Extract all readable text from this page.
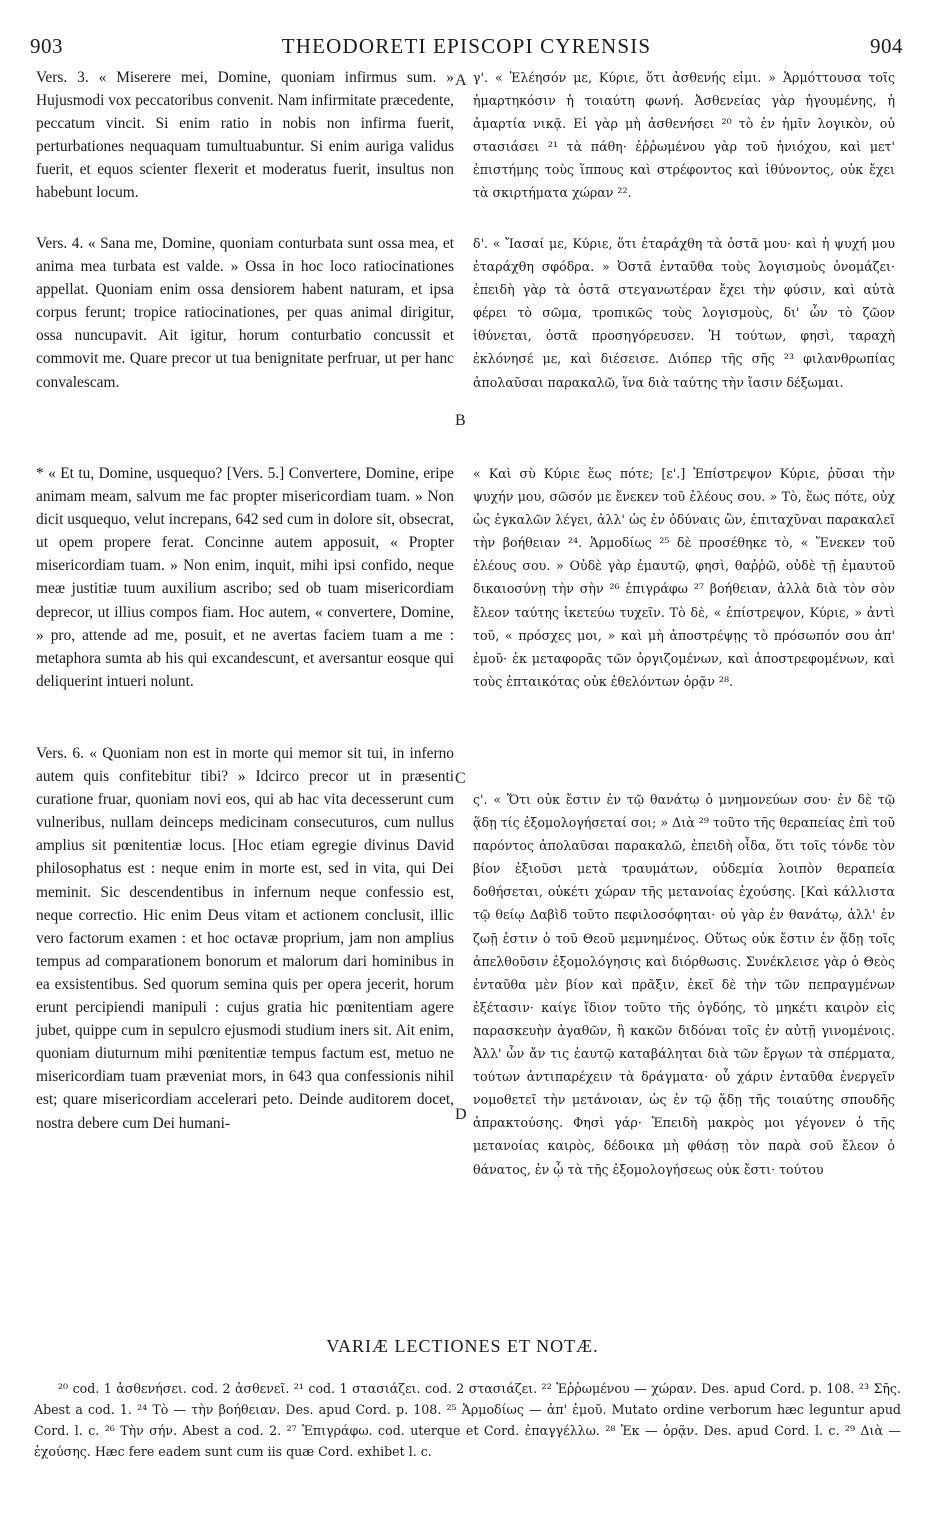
903	THEODORETI EPISCOPI CYRENSIS	904

Vers. 3. « Miserere mei, Domine, quoniam infirmus sum. » Hujusmodi vox peccatoribus convenit. Nam infirmitate præcedente, peccatum vincit. Si enim ratio in nobis non infirma fuerit, perturbationes nequaquam tumultuabuntur. Si enim auriga validus fuerit, et equos scienter flexerit et moderatus fuerit, insultus non habebunt locum.

Vers. 4. « Sana me, Domine, quoniam conturbata sunt ossa mea, et anima mea turbata est valde. » Ossa in hoc loco ratiocinationes appellat. Quoniam enim ossa densiorem habent naturam, et ipsa corpus ferunt; tropice ratiocinationes, per quas animal dirigitur, ossa nuncupavit. Ait igitur, horum conturbatio concussit et commovit me. Quare precor ut tua benignitate perfruar, ut per hanc convalescam.

* « Et tu, Domine, usquequo? [Vers. 5.] Convertere, Domine, eripe animam meam, salvum me fac propter misericordiam tuam. » Non dicit usquequo, velut increpans, 642 sed cum in dolore sit, obsecrat, ut opem propere ferat. Concinne autem apposuit, « Propter misericordiam tuam. » Non enim, inquit, mihi ipsi confido, neque meæ justitiæ tuum auxilium ascribo; sed ob tuam misericordiam deprecor, ut illius compos fiam. Hoc autem, « convertere, Domine, » pro, attende ad me, posuit, et ne avertas faciem tuam a me : metaphora sumta ab his qui excandescunt, et aversantur eosque qui deliquerint intueri nolunt.

Vers. 6. « Quoniam non est in morte qui memor sit tui, in inferno autem quis confitebitur tibi? » Idcirco precor ut in præsenti curatione fruar, quoniam novi eos, qui ab hac vita decesserunt cum vulneribus, nullam deinceps medicinam consecuturos, cum nullus amplius sit pœnitentiæ locus. [Hoc etiam egregie divinus David philosophatus est : neque enim in morte est, sed in vita, qui Dei meminit. Sic descendentibus in infernum neque confessio est, neque correctio. Hic enim Deus vitam et actionem conclusit, illic vero factorum examen : et hoc octavæ proprium, jam non amplius tempus ad comparationem bonorum et malorum dari hominibus in ea exsistentibus. Sed quorum semina quis per opera jecerit, horum erunt percipiendi manipuli : cujus gratia hic pœnitentiam agere jubet, quippe cum in sepulcro ejusmodi studium iners sit. Ait enim, quoniam diuturnum mihi pœnitentiæ tempus factum est, metuo ne misericordiam tuam præveniat mors, in 643 qua confessionis nihil est; quare misericordiam accelerari peto. Deinde auditorem docet, nostra debere cum Dei humani-

A
B
C
D

γ'. « Ἐλέησόν με, Κύριε, ὅτι ἀσθενής εἰμι. » Ἁρμόττουσα τοῖς ἡμαρτηκόσιν ἡ τοιαύτη φωνή. Ἀσθενείας γὰρ ἡγουμένης, ἡ ἁμαρτία νικᾷ. Εἰ γὰρ μὴ ἀσθενήσει ²⁰ τὸ ἐν ἡμῖν λογικὸν, οὐ στασιάσει ²¹ τὰ πάθη· ἐῤῥωμένου γὰρ τοῦ ἡνιόχου, καὶ μετ' ἐπιστήμης τοὺς ἵππους καὶ στρέφοντος καὶ ἰθύνοντος, οὐκ ἔχει τὰ σκιρτήματα χώραν ²².

δ'. « Ἴασαί με, Κύριε, ὅτι ἐταράχθη τὰ ὀστᾶ μου· καὶ ἡ ψυχή μου ἐταράχθη σφόδρα. » Ὀστᾶ ἐνταῦθα τοὺς λογισμοὺς ὀνομάζει· ἐπειδὴ γὰρ τὰ ὀστᾶ στεγανωτέραν ἔχει τὴν φύσιν, καὶ αὐτὰ φέρει τὸ σῶμα, τροπικῶς τοὺς λογισμοὺς, δι' ὧν τὸ ζῶον ἰθύνεται, ὀστᾶ προσηγόρευσεν. Ἡ τούτων, φησὶ, ταραχὴ ἐκλόνησέ με, καὶ διέσεισε. Διόπερ τῆς σῆς ²³ φιλανθρωπίας ἀπολαῦσαι παρακαλῶ, ἵνα διὰ ταύτης τὴν ἴασιν δέξωμαι.

« Καὶ σὺ Κύριε ἕως πότε; [ε'.] Ἐπίστρεψον Κύριε, ῥῦσαι τὴν ψυχήν μου, σῶσόν με ἕνεκεν τοῦ ἐλέους σου. » Τὸ, ἕως πότε, οὐχ ὡς ἐγκαλῶν λέγει, ἀλλ' ὡς ἐν ὀδύναις ὢν, ἐπιταχῦναι παρακαλεῖ τὴν βοήθειαν ²⁴. Ἁρμοδίως ²⁵ δὲ προσέθηκε τὸ, « Ἕνεκεν τοῦ ἐλέους σου. » Οὐδὲ γὰρ ἐμαυτῷ, φησὶ, θαῤῥῶ, οὐδὲ τῇ ἐμαυτοῦ δικαιοσύνῃ τὴν σὴν ²⁶ ἐπιγράφω ²⁷ βοήθειαν, ἀλλὰ διὰ τὸν σὸν ἔλεον ταύτης ἱκετεύω τυχεῖν. Τὸ δὲ, « ἐπίστρεψον, Κύριε, » ἀντὶ τοῦ, « πρόσχες μοι, » καὶ μὴ ἀποστρέψῃς τὸ πρόσωπόν σου ἀπ' ἐμοῦ· ἐκ μεταφορᾶς τῶν ὀργιζομένων, καὶ ἀποστρεφομένων, καὶ τοὺς ἐπταικότας οὐκ ἐθελόντων ὁρᾷν ²⁸.

ς'. « Ὅτι οὐκ ἔστιν ἐν τῷ θανάτῳ ὁ μνημονεύων σου· ἐν δὲ τῷ ᾅδῃ τίς ἐξομολογήσεταί σοι; » Διὰ ²⁹ τοῦτο τῆς θεραπείας ἐπὶ τοῦ παρόντος ἀπολαῦσαι παρακαλῶ, ἐπειδὴ οἶδα, ὅτι τοῖς τόνδε τὸν βίον ἐξιοῦσι μετὰ τραυμάτων, οὐδεμία λοιπὸν θεραπεία δοθήσεται, οὐκέτι χώραν τῆς μετανοίας ἐχούσης. [Καὶ κάλλιστα τῷ θείῳ Δαβὶδ τοῦτο πεφιλοσόφηται· οὐ γὰρ ἐν θανάτῳ, ἀλλ' ἐν ζωῇ ἐστιν ὁ τοῦ Θεοῦ μεμνημένος. Οὕτως οὐκ ἔστιν ἐν ᾅδῃ τοῖς ἀπελθοῦσιν ἐξομολόγησις καὶ διόρθωσις. Συνέκλεισε γὰρ ὁ Θεὸς ἐνταῦθα μὲν βίον καὶ πρᾶξιν, ἐκεῖ δὲ τὴν τῶν πεπραγμένων ἐξέτασιν· καίγε ἴδιον τοῦτο τῆς ὀγδόης, τὸ μηκέτι καιρὸν εἰς παρασκευὴν ἀγαθῶν, ἢ κακῶν διδόναι τοῖς ἐν αὐτῇ γινομένοις. Ἀλλ' ὧν ἄν τις ἑαυτῷ καταβάληται διὰ τῶν ἔργων τὰ σπέρματα, τούτων ἀντιπαρέχειν τὰ δράγματα· οὗ χάριν ἐνταῦθα ἐνεργεῖν νομοθετεῖ τὴν μετάνοιαν, ὡς ἐν τῷ ᾅδῃ τῆς τοιαύτης σπουδῆς ἀπρακτούσης. Φησὶ γάρ· Ἐπειδὴ μακρὸς μοι γέγονεν ὁ τῆς μετανοίας καιρὸς, δέδοικα μὴ φθάσῃ τὸν παρὰ σοῦ ἔλεον ὁ θάνατος, ἐν ᾧ τὰ τῆς ἐξομολογήσεως οὐκ ἔστι· τούτου

VARIÆ LECTIONES ET NOTÆ.
²⁰ cod. 1 ἀσθενήσει. cod. 2 ἀσθενεῖ. ²¹ cod. 1 στασιάζει. cod. 2 στασιάζει. ²² Ἐῤῥωμένου — χώραν. Des. apud Cord. p. 108. ²³ Σῆς. Abest a cod. 1. ²⁴ Τὸ — τὴν βοήθειαν. Des. apud Cord. p. 108. ²⁵ Ἁρμοδίως — ἀπ' ἐμοῦ. Mutato ordine verborum hæc leguntur apud Cord. l. c. ²⁶ Τὴν σήν. Abest a cod. 2. ²⁷ Ἐπιγράφω. cod. uterque et Cord. ἐπαγγέλλω. ²⁸ Ἐκ — ὁρᾷν. Des. apud Cord. l. c. ²⁹ Διὰ — ἐχούσης. Hæc fere eadem sunt cum iis quæ Cord. exhibet l. c.
